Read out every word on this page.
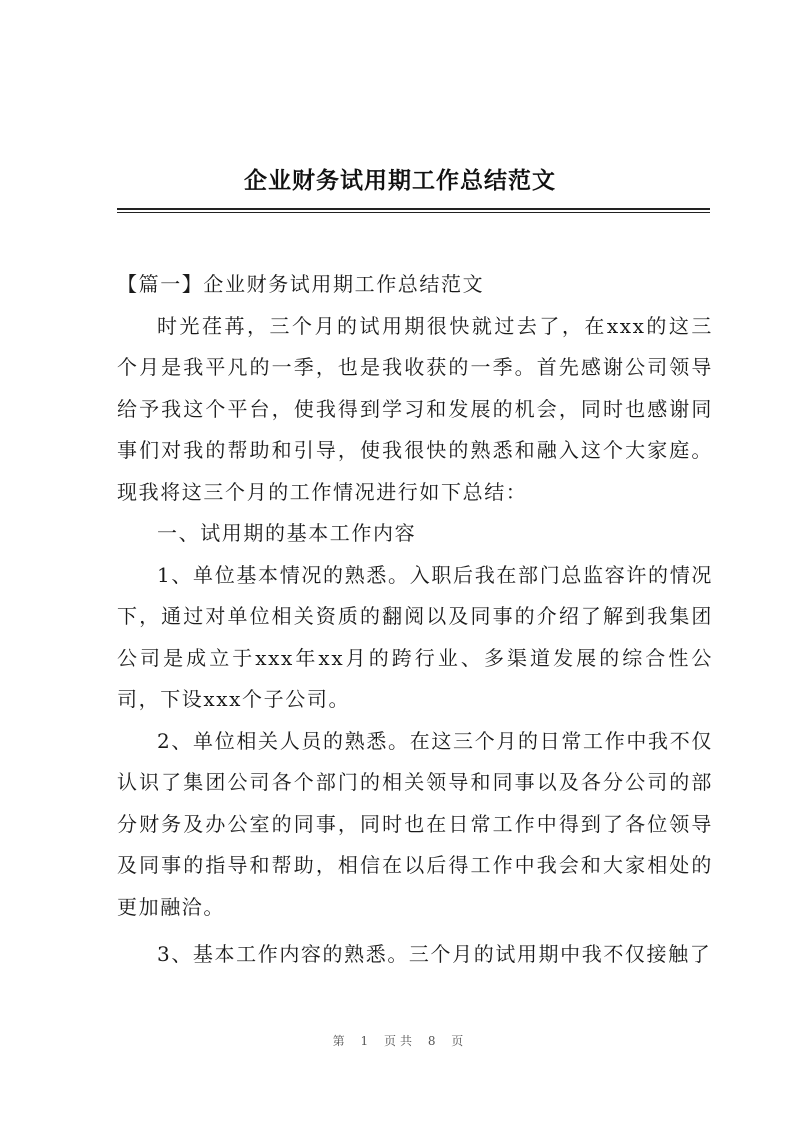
企业财务试用期工作总结范文

【篇一】企业财务试用期工作总结范文

时光荏苒，三个月的试用期很快就过去了，在xxx的这三个月是我平凡的一季，也是我收获的一季。首先感谢公司领导给予我这个平台，使我得到学习和发展的机会，同时也感谢同事们对我的帮助和引导，使我很快的熟悉和融入这个大家庭。现我将这三个月的工作情况进行如下总结：

一、试用期的基本工作内容

1、单位基本情况的熟悉。入职后我在部门总监容许的情况下，通过对单位相关资质的翻阅以及同事的介绍了解到我集团公司是成立于xxx年xx月的跨行业、多渠道发展的综合性公司，下设xxx个子公司。

2、单位相关人员的熟悉。在这三个月的日常工作中我不仅认识了集团公司各个部门的相关领导和同事以及各分公司的部分财务及办公室的同事，同时也在日常工作中得到了各位领导及同事的指导和帮助，相信在以后得工作中我会和大家相处的更加融洽。

3、基本工作内容的熟悉。三个月的试用期中我不仅接触了

第 1 页共 8 页
